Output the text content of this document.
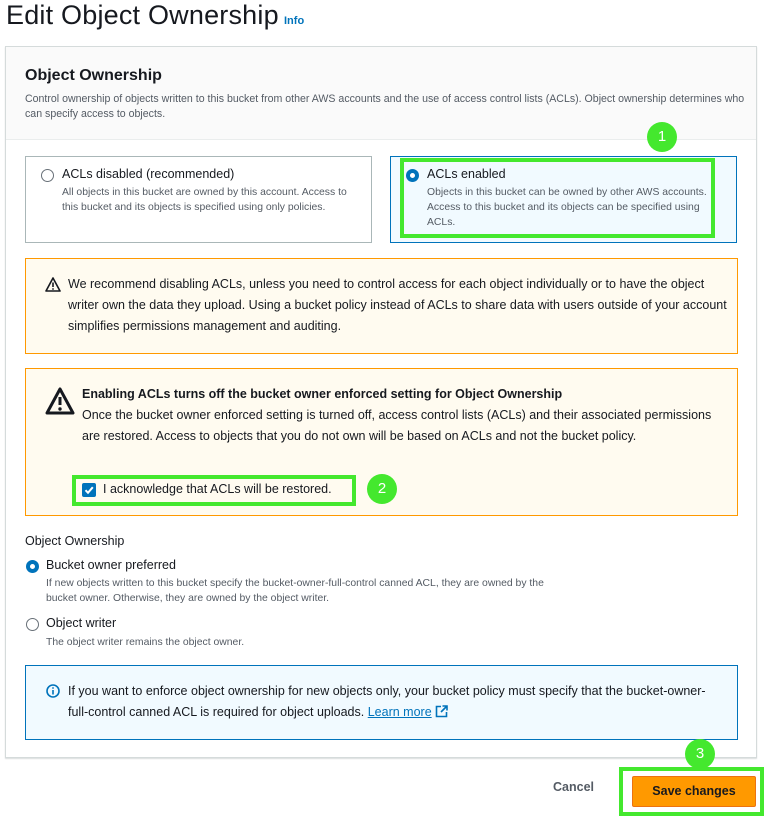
Edit Object Ownership Info
Object Ownership
Control ownership of objects written to this bucket from other AWS accounts and the use of access control lists (ACLs). Object ownership determines who can specify access to objects.
ACLs disabled (recommended)
All objects in this bucket are owned by this account. Access to this bucket and its objects is specified using only policies.
ACLs enabled
Objects in this bucket can be owned by other AWS accounts. Access to this bucket and its objects can be specified using ACLs.
We recommend disabling ACLs, unless you need to control access for each object individually or to have the object writer own the data they upload. Using a bucket policy instead of ACLs to share data with users outside of your account simplifies permissions management and auditing.
Enabling ACLs turns off the bucket owner enforced setting for Object Ownership
Once the bucket owner enforced setting is turned off, access control lists (ACLs) and their associated permissions are restored. Access to objects that you do not own will be based on ACLs and not the bucket policy.
I acknowledge that ACLs will be restored.
Object Ownership
Bucket owner preferred
If new objects written to this bucket specify the bucket-owner-full-control canned ACL, they are owned by the bucket owner. Otherwise, they are owned by the object writer.
Object writer
The object writer remains the object owner.
If you want to enforce object ownership for new objects only, your bucket policy must specify that the bucket-owner-full-control canned ACL is required for object uploads. Learn more
Cancel	Save changes
1
2
3
